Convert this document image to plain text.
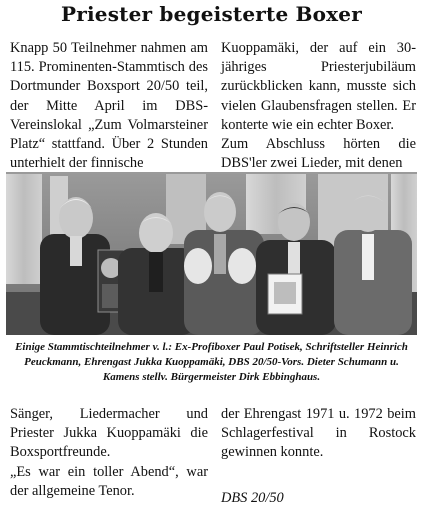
Priester begeisterte Boxer

Knapp 50 Teilnehmer nahmen am 115. Prominenten-Stammtisch des Dortmunder Boxsport 20/50 teil, der Mitte April im DBS-Vereinslokal „Zum Volmarsteiner Platz“ stattfand. Über 2 Stunden unterhielt der finnische

Kuoppamäki, der auf ein 30-jähriges Priesterjubiläum zurückblicken kann, musste sich vielen Glaubensfragen stellen. Er konterte wie ein echter Boxer.

Zum Abschluss hörten die DBS'ler zwei Lieder, mit denen

Einige Stammtischteilnehmer v. l.: Ex-Profiboxer Paul Potisek, Schriftsteller Heinrich Peuckmann, Ehrengast Jukka Kuoppamäki, DBS 20/50-Vors. Dieter Schumann u. Kamens stellv. Bürgermeister Dirk Ebbinghaus.

Sänger, Liedermacher und Priester Jukka Kuoppamäki die Boxsportfreunde.

„Es war ein toller Abend“, war der allgemeine Tenor.

der Ehrengast 1971 u. 1972 beim Schlagerfestival in Rostock gewinnen konnte.

DBS 20/50
